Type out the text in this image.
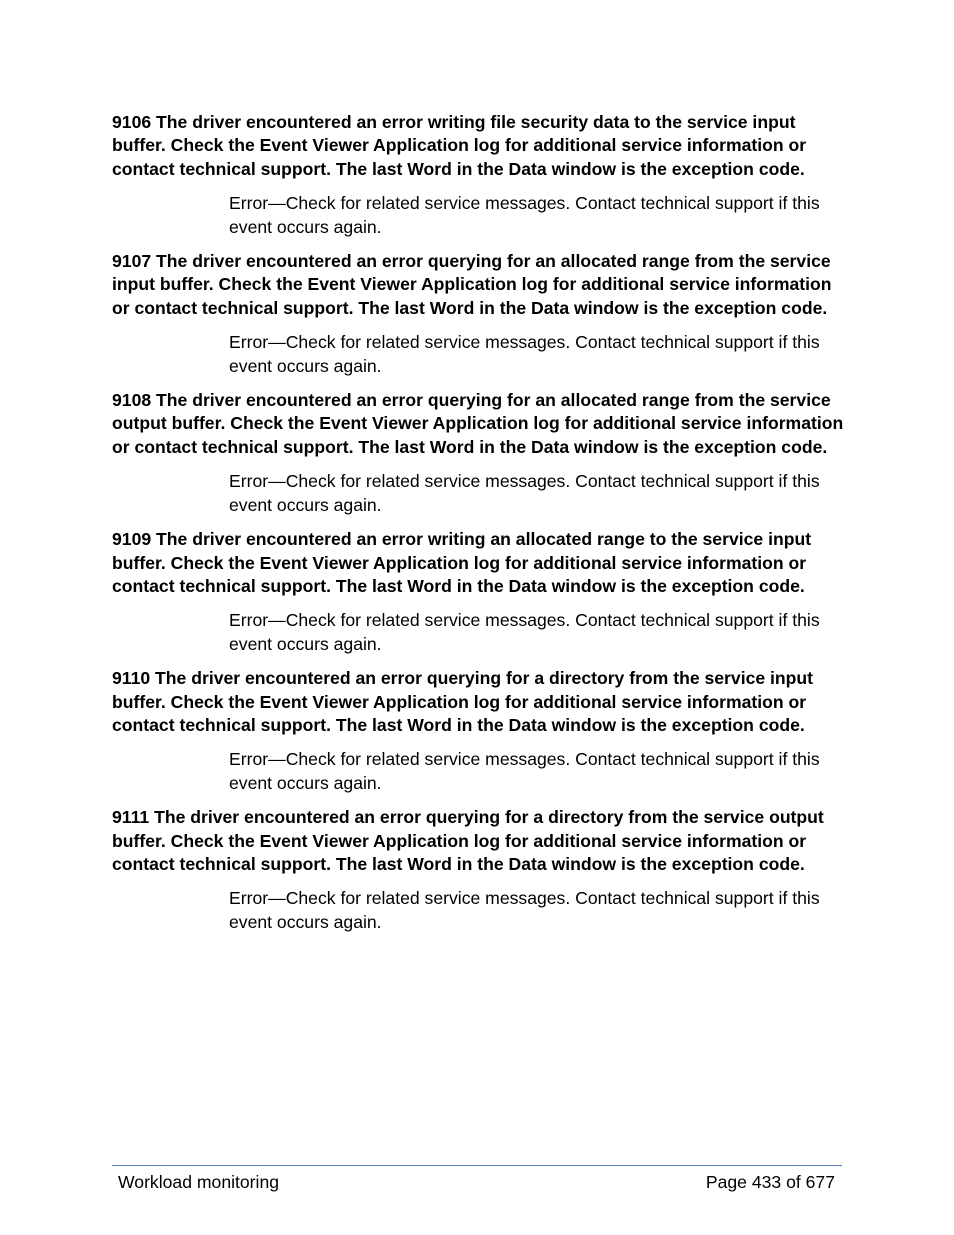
9106 The driver encountered an error writing file security data to the service input buffer. Check the Event Viewer Application log for additional service information or contact technical support. The last Word in the Data window is the exception code.

Error—Check for related service messages. Contact technical support if this event occurs again.

9107 The driver encountered an error querying for an allocated range from the service input buffer. Check the Event Viewer Application log for additional service information or contact technical support. The last Word in the Data window is the exception code.

Error—Check for related service messages. Contact technical support if this event occurs again.

9108 The driver encountered an error querying for an allocated range from the service output buffer. Check the Event Viewer Application log for additional service information or contact technical support. The last Word in the Data window is the exception code.

Error—Check for related service messages. Contact technical support if this event occurs again.

9109 The driver encountered an error writing an allocated range to the service input buffer. Check the Event Viewer Application log for additional service information or contact technical support. The last Word in the Data window is the exception code.

Error—Check for related service messages. Contact technical support if this event occurs again.

9110 The driver encountered an error querying for a directory from the service input buffer. Check the Event Viewer Application log for additional service information or contact technical support. The last Word in the Data window is the exception code.

Error—Check for related service messages. Contact technical support if this event occurs again.

9111 The driver encountered an error querying for a directory from the service output buffer. Check the Event Viewer Application log for additional service information or contact technical support. The last Word in the Data window is the exception code.

Error—Check for related service messages. Contact technical support if this event occurs again.

Workload monitoring	Page 433 of 677
